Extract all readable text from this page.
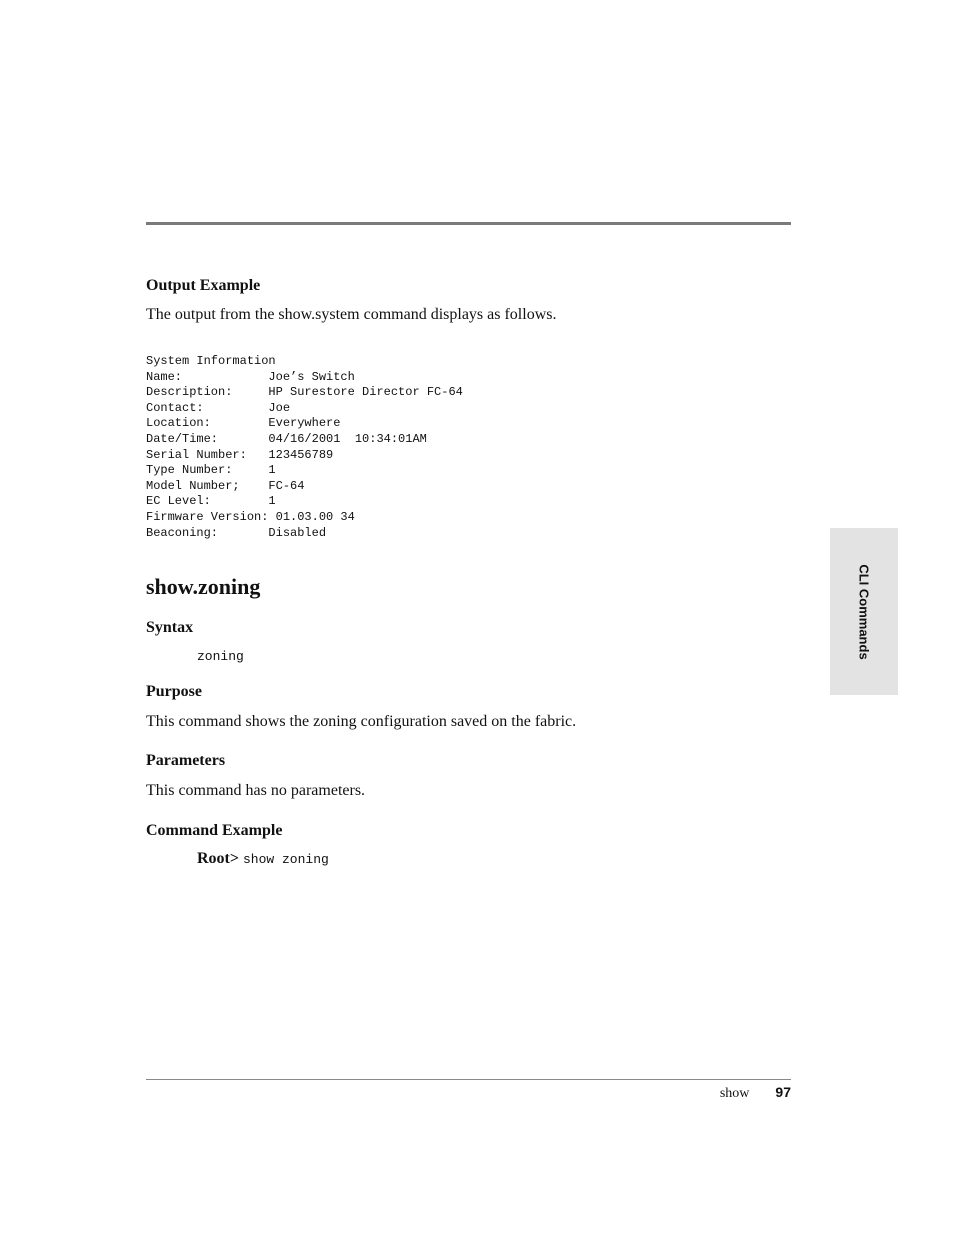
Output Example

The output from the show.system command displays as follows.

System Information
Name:            Joe’s Switch
Description:     HP Surestore Director FC-64
Contact:         Joe
Location:        Everywhere
Date/Time:       04/16/2001  10:34:01AM
Serial Number:   123456789
Type Number:     1
Model Number;    FC-64
EC Level:        1
Firmware Version: 01.03.00 34
Beaconing:       Disabled

show.zoning

Syntax

zoning

Purpose

This command shows the zoning configuration saved on the fabric.

Parameters

This command has no parameters.

Command Example

Root> show zoning

CLI Commands
show 97
